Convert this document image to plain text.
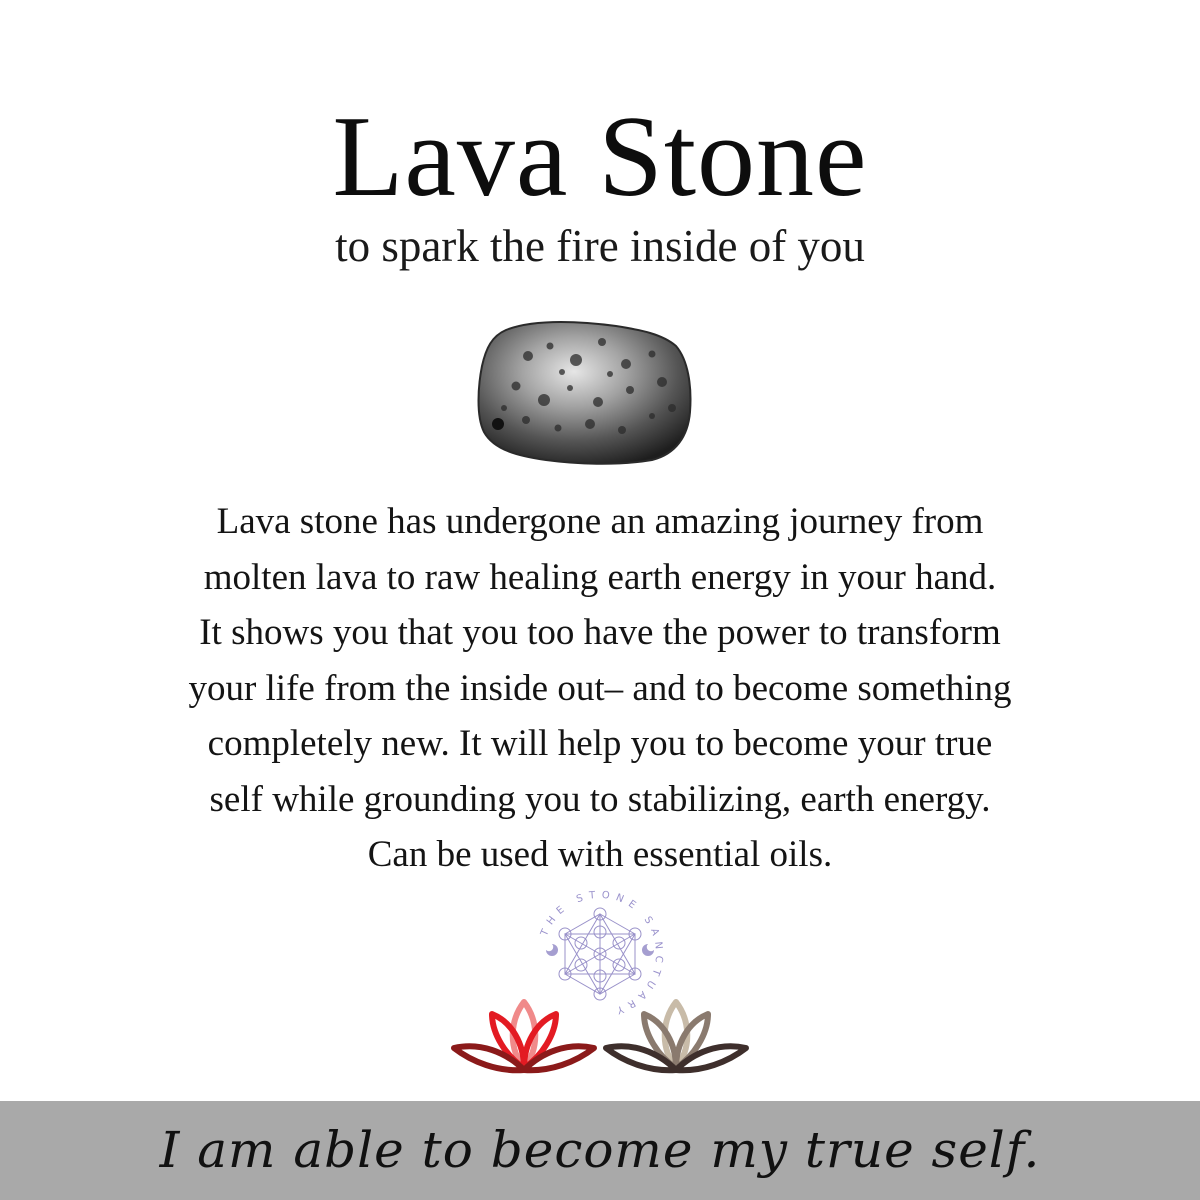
Lava Stone
to spark the fire inside of you
Lava stone has undergone an amazing journey from
molten lava to raw healing earth energy in your hand.
It shows you that you too have the power to transform
your life from the inside out– and to become something
completely new. It will help you to become your true
self while grounding you to stabilizing, earth energy.
Can be used with essential oils.
THE STONE SANCTUARY
I am able to become my true self.
